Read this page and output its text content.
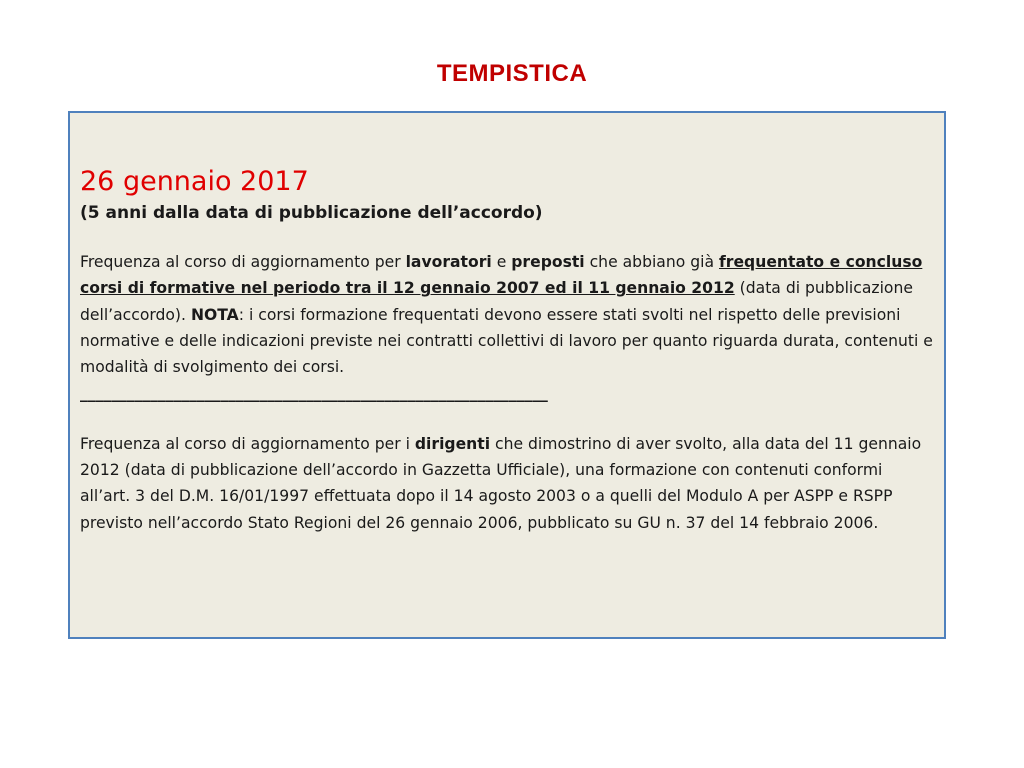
TEMPISTICA
26 gennaio 2017
(5 anni dalla data di pubblicazione dell’accordo)
Frequenza al corso di aggiornamento per lavoratori e preposti che abbiano già frequentato e concluso corsi di formative nel periodo tra il 12 gennaio 2007 ed il 11 gennaio 2012 (data di pubblicazione dell’accordo). NOTA: i corsi formazione frequentati devono essere stati svolti nel rispetto delle previsioni normative e delle indicazioni previste nei contratti collettivi di lavoro per quanto riguarda durata, contenuti e modalità di svolgimento dei corsi.
____________________________________________________________
Frequenza al corso di aggiornamento per i dirigenti che dimostrino di aver svolto, alla data del 11 gennaio 2012 (data di pubblicazione dell’accordo in Gazzetta Ufficiale), una formazione con contenuti conformi all’art. 3 del D.M. 16/01/1997 effettuata dopo il 14 agosto 2003 o a quelli del Modulo A per ASPP e RSPP previsto nell’accordo Stato Regioni del 26 gennaio 2006, pubblicato su GU n. 37 del 14 febbraio 2006.
